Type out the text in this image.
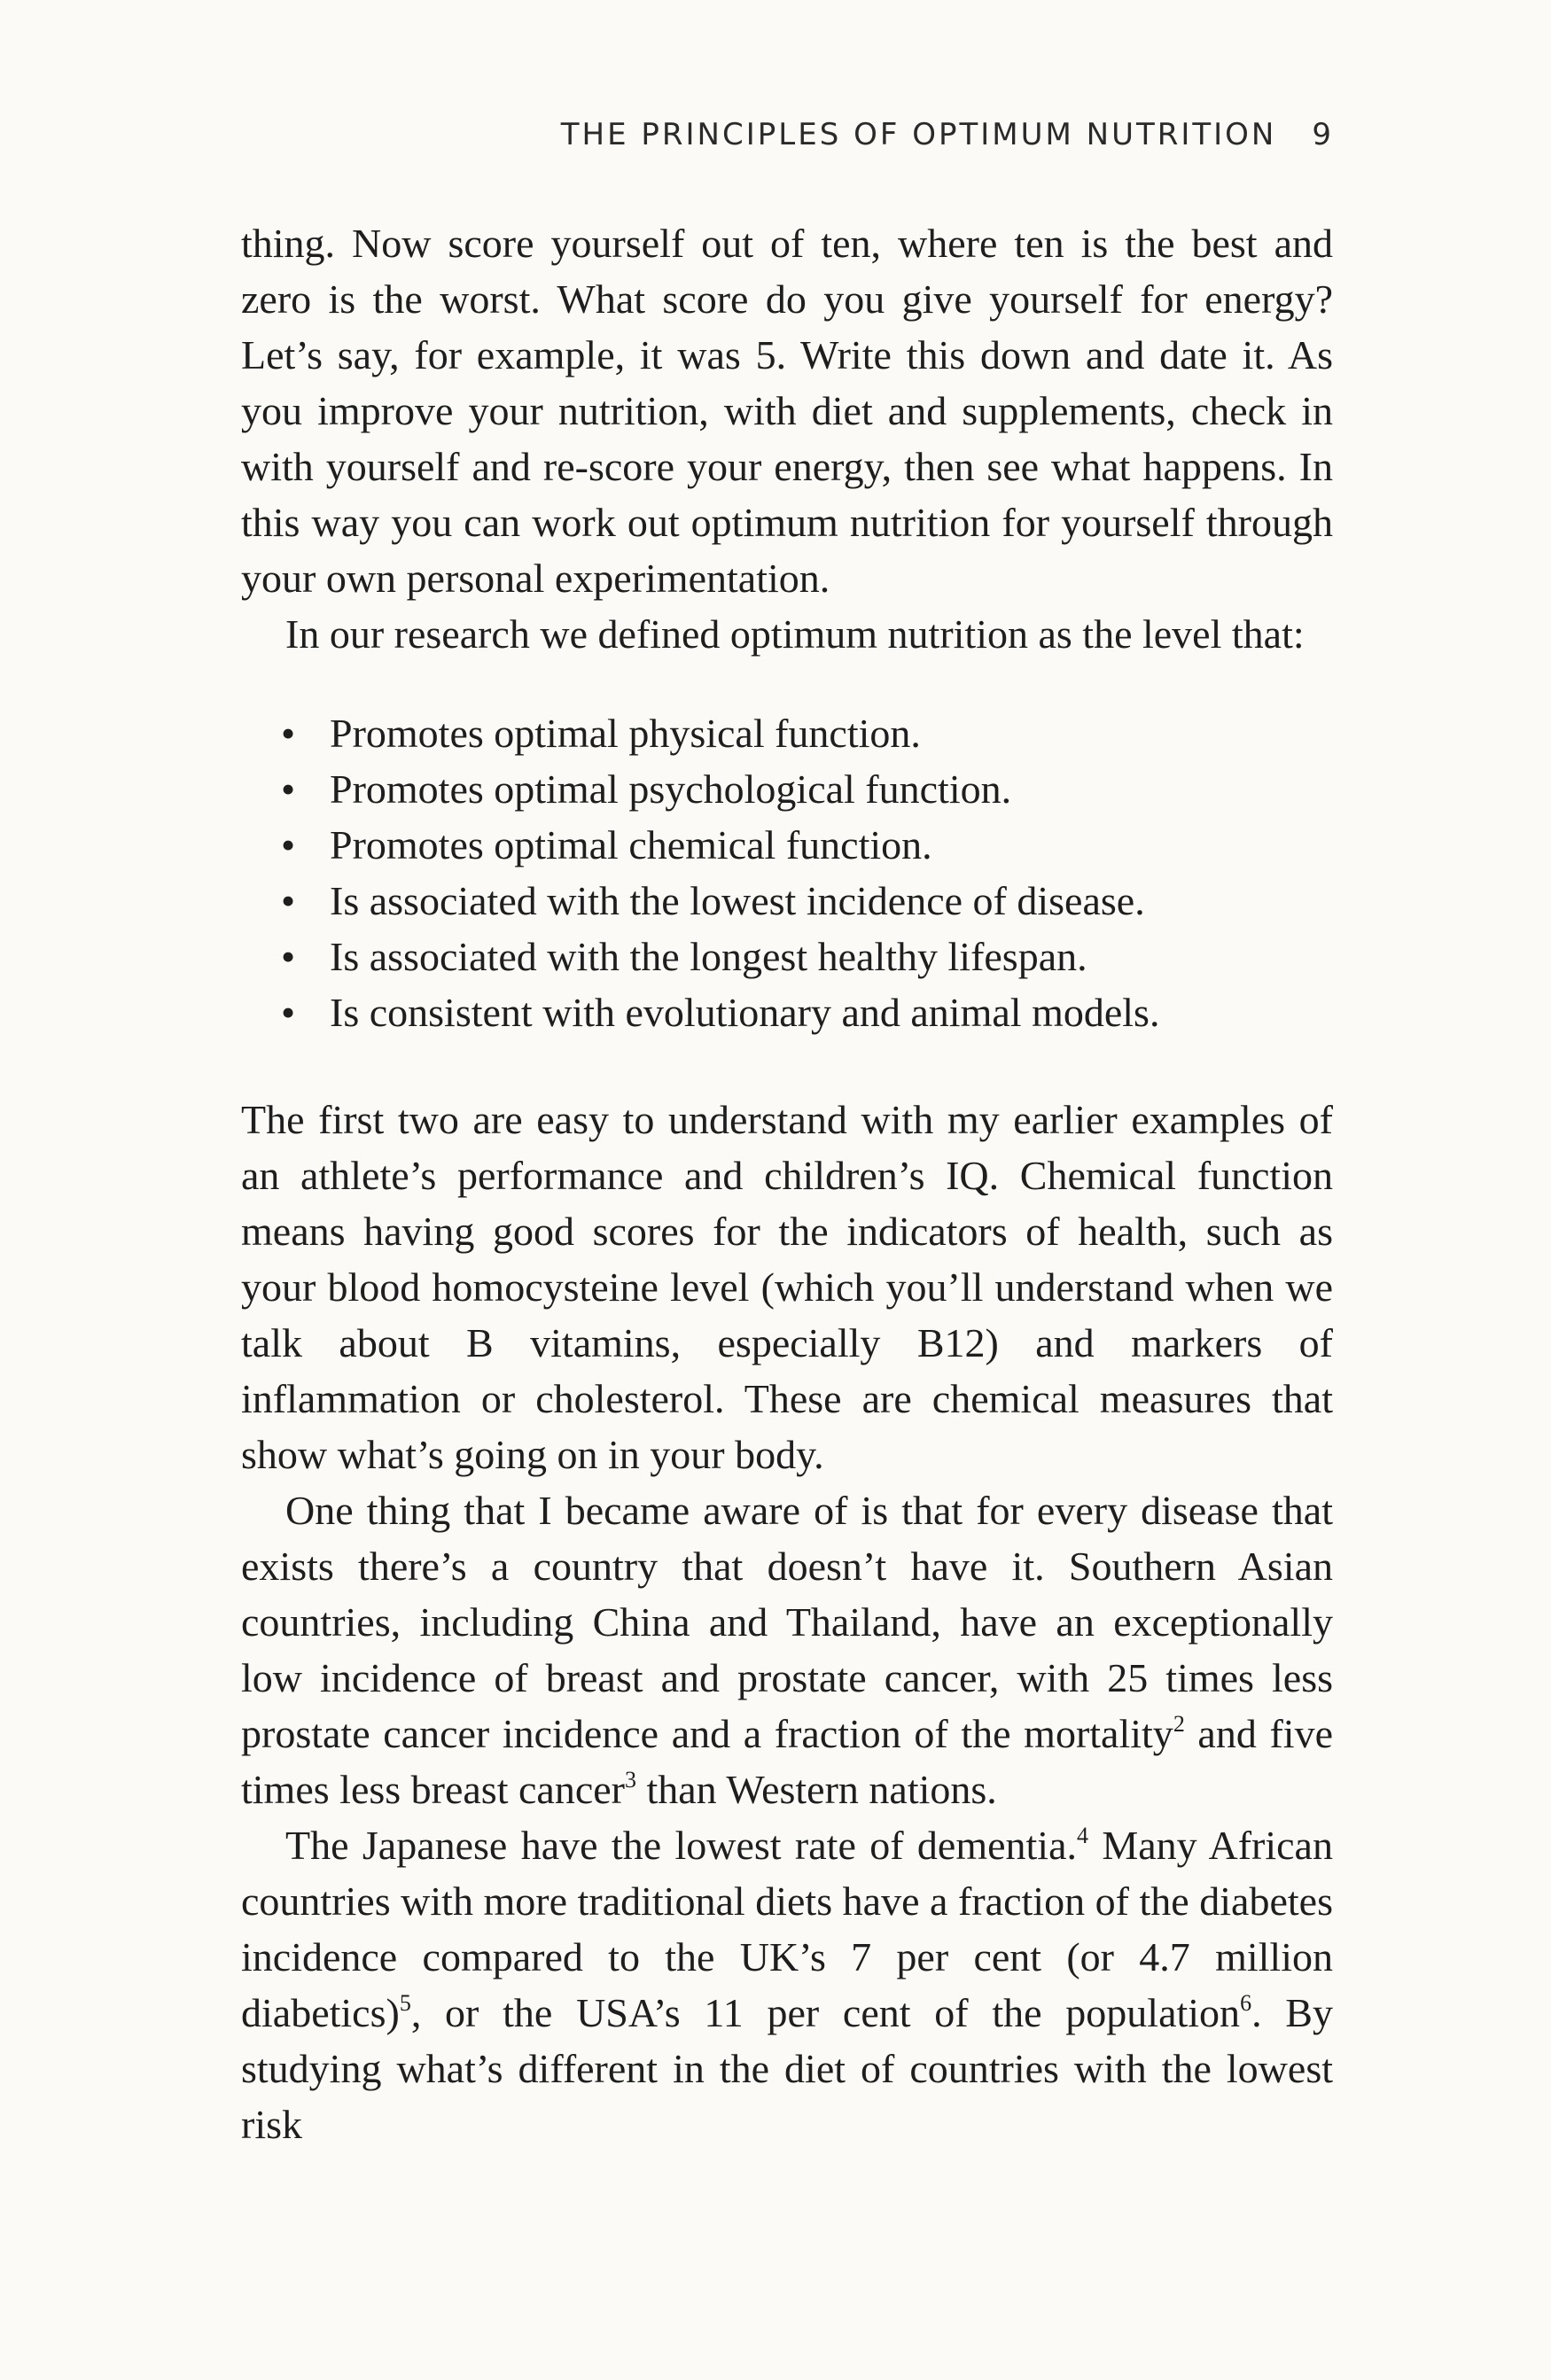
THE PRINCIPLES OF OPTIMUM NUTRITION 9

thing. Now score yourself out of ten, where ten is the best and zero is the worst. What score do you give yourself for energy? Let’s say, for example, it was 5. Write this down and date it. As you improve your nutrition, with diet and supplements, check in with yourself and re-score your energy, then see what happens. In this way you can work out optimum nutrition for yourself through your own personal experimentation.

In our research we defined optimum nutrition as the level that:

• Promotes optimal physical function.
• Promotes optimal psychological function.
• Promotes optimal chemical function.
• Is associated with the lowest incidence of disease.
• Is associated with the longest healthy lifespan.
• Is consistent with evolutionary and animal models.

The first two are easy to understand with my earlier examples of an athlete’s performance and children’s IQ. Chemical function means having good scores for the indicators of health, such as your blood homocysteine level (which you’ll understand when we talk about B vitamins, especially B12) and markers of inflammation or cholesterol. These are chemical measures that show what’s going on in your body.

One thing that I became aware of is that for every disease that exists there’s a country that doesn’t have it. Southern Asian countries, including China and Thailand, have an exceptionally low incidence of breast and prostate cancer, with 25 times less prostate cancer incidence and a fraction of the mortality$^2$ and five times less breast cancer$^3$ than Western nations.

The Japanese have the lowest rate of dementia.$^4$ Many African countries with more traditional diets have a fraction of the diabetes incidence compared to the UK’s 7 per cent (or 4.7 million diabetics)$^5$, or the USA’s 11 per cent of the population$^6$. By studying what’s different in the diet of countries with the lowest risk
